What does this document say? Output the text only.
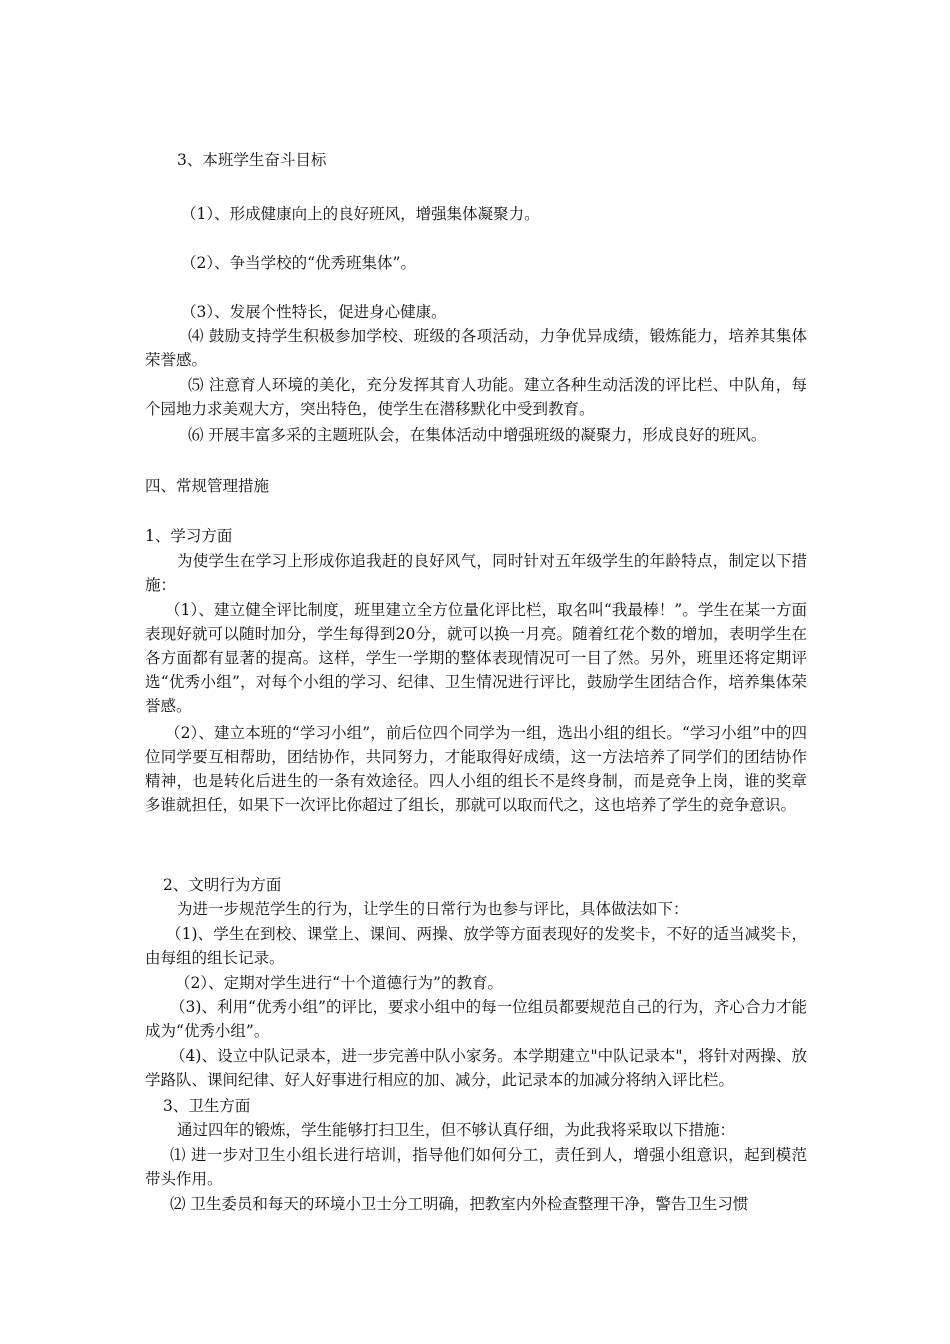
3、本班学生奋斗目标
（1）、形成健康向上的良好班风，增强集体凝聚力。
（2）、争当学校的“优秀班集体”。
（3）、发展个性特长，促进身心健康。
⑷ 鼓励支持学生积极参加学校、班级的各项活动，力争优异成绩，锻炼能力，培养其集体荣誉感。
⑸ 注意育人环境的美化，充分发挥其育人功能。建立各种生动活泼的评比栏、中队角，每个园地力求美观大方，突出特色，使学生在潜移默化中受到教育。
⑹ 开展丰富多采的主题班队会，在集体活动中增强班级的凝聚力，形成良好的班风。
四、常规管理措施
1、学习方面
为使学生在学习上形成你追我赶的良好风气，同时针对五年级学生的年龄特点，制定以下措施：
（1）、建立健全评比制度，班里建立全方位量化评比栏，取名叫“我最棒！”。学生在某一方面表现好就可以随时加分，学生每得到20分，就可以换一月亮。随着红花个数的增加，表明学生在各方面都有显著的提高。这样，学生一学期的整体表现情况可一目了然。另外，班里还将定期评选“优秀小组”，对每个小组的学习、纪律、卫生情况进行评比，鼓励学生团结合作，培养集体荣誉感。
（2）、建立本班的“学习小组”，前后位四个同学为一组，选出小组的组长。“学习小组”中的四位同学要互相帮助，团结协作，共同努力，才能取得好成绩，这一方法培养了同学们的团结协作精神，也是转化后进生的一条有效途径。四人小组的组长不是终身制，而是竞争上岗，谁的奖章多谁就担任，如果下一次评比你超过了组长，那就可以取而代之，这也培养了学生的竞争意识。
2、文明行为方面
为进一步规范学生的行为，让学生的日常行为也参与评比，具体做法如下：
（1)、学生在到校、课堂上、课间、两操、放学等方面表现好的发奖卡，不好的适当减奖卡，由每组的组长记录。
（2）、定期对学生进行“十个道德行为”的教育。
（3)、利用“优秀小组”的评比，要求小组中的每一位组员都要规范自己的行为，齐心合力才能成为“优秀小组”。
（4)、设立中队记录本，进一步完善中队小家务。本学期建立"中队记录本"，将针对两操、放学路队、课间纪律、好人好事进行相应的加、减分，此记录本的加减分将纳入评比栏。
3、卫生方面
通过四年的锻炼，学生能够打扫卫生，但不够认真仔细，为此我将采取以下措施：
⑴ 进一步对卫生小组长进行培训，指导他们如何分工，责任到人，增强小组意识，起到模范带头作用。
⑵ 卫生委员和每天的环境小卫士分工明确，把教室内外检查整理干净，警告卫生习惯
